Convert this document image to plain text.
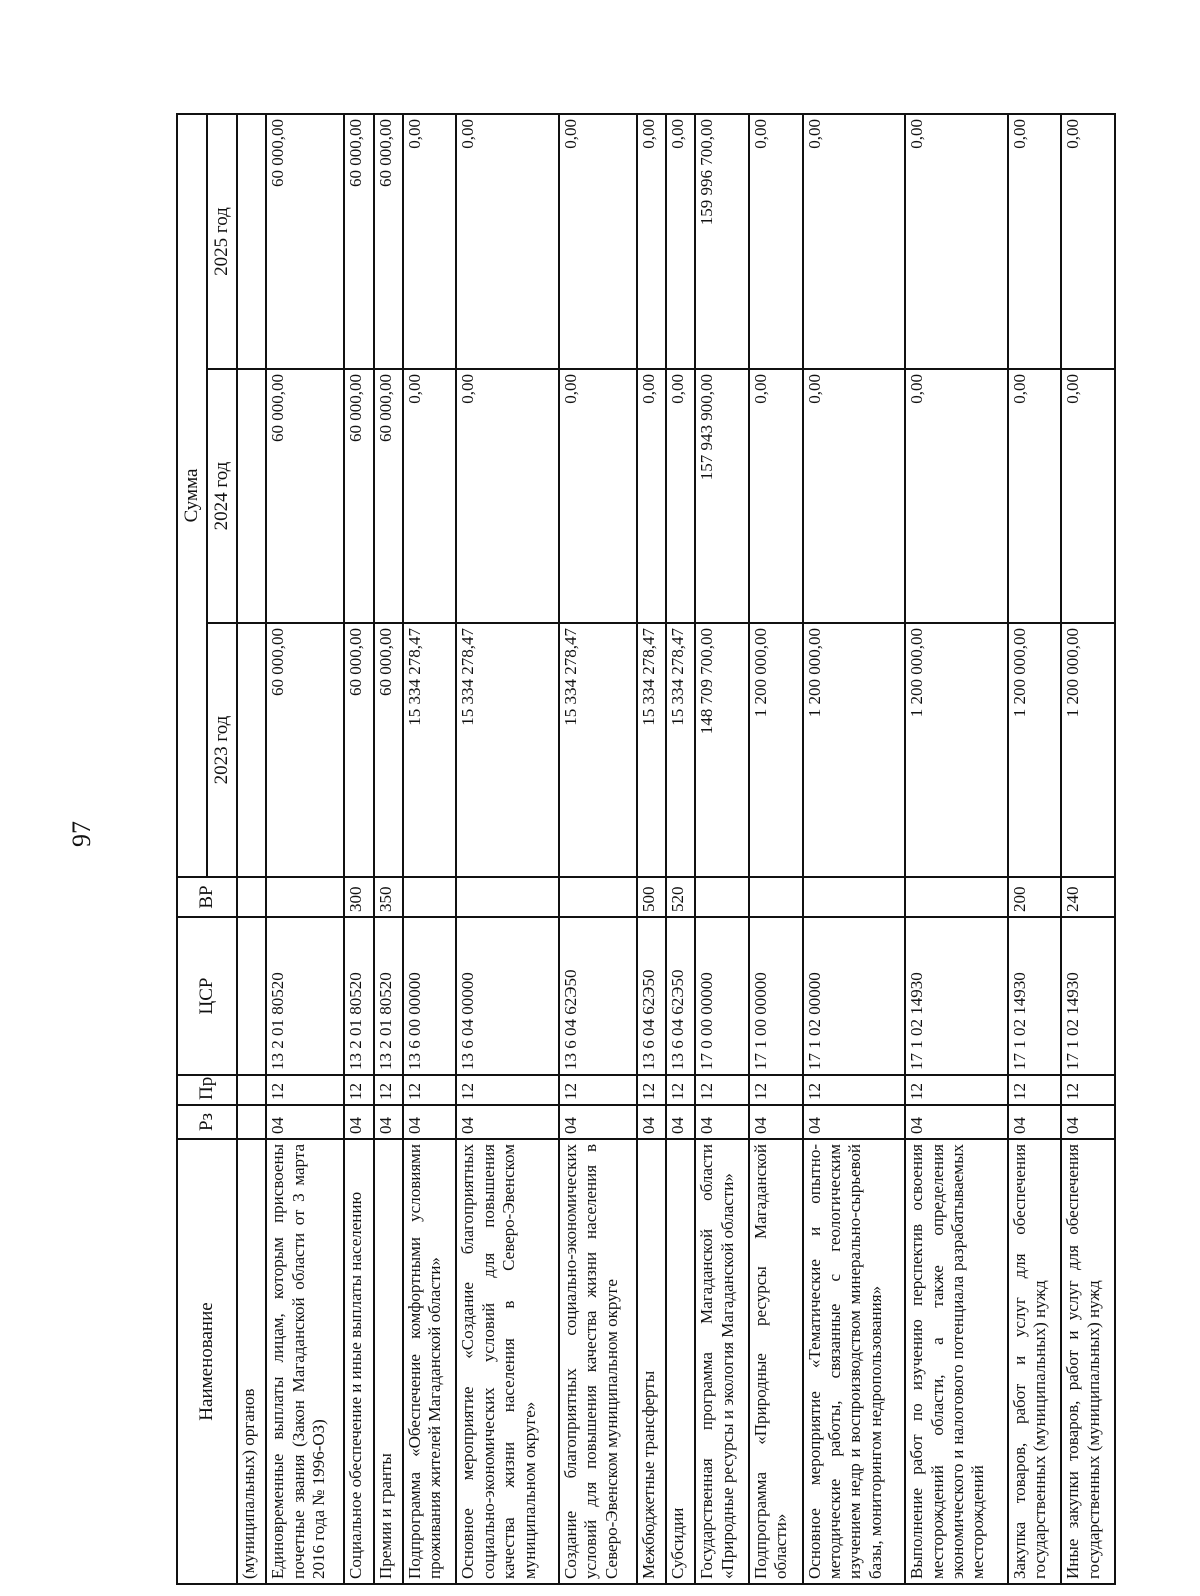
97
Наименование	Рз	Пр	ЦСР	ВР	Сумма		
					2023 год	2024 год	2025 год
(муниципальных) органов							
Единовременные выплаты лицам, которым присвоены почетные звания (Закон Магаданской области от 3 марта 2016 года № 1996-ОЗ)	04	12	13 2 01 80520		60 000,00	60 000,00	60 000,00
Социальное обеспечение и иные выплаты населению	04	12	13 2 01 80520	300	60 000,00	60 000,00	60 000,00
Премии и гранты	04	12	13 2 01 80520	350	60 000,00	60 000,00	60 000,00
Подпрограмма «Обеспечение комфортными условиями проживания жителей Магаданской области»	04	12	13 6 00 00000		15 334 278,47	0,00	0,00
Основное мероприятие «Создание благоприятных социально-экономических условий для повышения качества жизни населения в Северо-Эвенском муниципальном округе»	04	12	13 6 04 00000		15 334 278,47	0,00	0,00
Создание благоприятных социально-экономических условий для повышения качества жизни населения в Северо-Эвенском муниципальном округе	04	12	13 6 04 62Э50		15 334 278,47	0,00	0,00
Межбюджетные трансферты	04	12	13 6 04 62Э50	500	15 334 278,47	0,00	0,00
Субсидии	04	12	13 6 04 62Э50	520	15 334 278,47	0,00	0,00
Государственная программа Магаданской области «Природные ресурсы и экология Магаданской области»	04	12	17 0 00 00000		148 709 700,00	157 943 900,00	159 996 700,00
Подпрограмма «Природные ресурсы Магаданской области»	04	12	17 1 00 00000		1 200 000,00	0,00	0,00
Основное мероприятие «Тематические и опытно-методические работы, связанные с геологическим изучением недр и воспроизводством минерально-сырьевой базы, мониторингом недропользования»	04	12	17 1 02 00000		1 200 000,00	0,00	0,00
Выполнение работ по изучению перспектив освоения месторождений области, а также определения экономического и налогового потенциала разрабатываемых месторождений	04	12	17 1 02 14930		1 200 000,00	0,00	0,00
Закупка товаров, работ и услуг для обеспечения государственных (муниципальных) нужд	04	12	17 1 02 14930	200	1 200 000,00	0,00	0,00
Иные закупки товаров, работ и услуг для обеспечения государственных (муниципальных) нужд	04	12	17 1 02 14930	240	1 200 000,00	0,00	0,00
